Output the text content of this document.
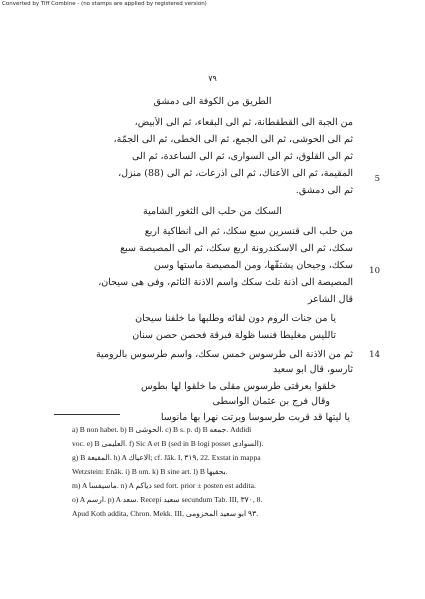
Converted by Tiff Combine - (no stamps are applied by registered version)
٧٩
الطريق من الكوفة الى دمشق
من الجبة الى القطقطانة، ثم الى البقعاء، ثم الى الأبيض،
ثم الى الحوشى، ثم الى الجمع، ثم الى الخطى، ثم الى الجمّة،
ثم الى القلوق، ثم الى السوارى، ثم الى الساعدة، ثم الى
المقيمة، ثم الى الأعناك، ثم الى أذرعات، ثم الى (88) منزل،
ثم الى دمشق.
5
السكك من حلب الى الثغور الشامية
من حلب الى قنسرين سبع سكك، ثم الى أنطاكية اربع
سكك، ثم الى الاسكندرونة اربع سكك، ثم الى المصيصة سبع
سكك، وجيحان يشتقّها، ومن المصيصة ماستها وسن
المصيصة الى أذنة تلث سكك واسم الاذنة الثاثم، وفى هى سيحان،
قال الشاعر
10
يا من جنات الروم دون لقائه وطلبها ما خلفنا سيحان
تاللّيس مغليطا فنسا ظولة فبرقة فحصن حصن سنان
ثم من الاذنة الى طرسوس خمس سكك، واسم طرسوس بالرومية	14
ثارسو، قال ابو سعيد
خلقوا بعرقتى طرسوس مقلى ما خلقوا لها بطوس
وقال فرج بن عثمان الواسطى
يا ليتها قد قربت طرسوسا وبرتت نهرا بها مأنوسا
a) B non habet. b) B الحوشى. c) B s. p. d) B جمعه. Addidi
voc. e) B العليمى. f) Sic A et B (sed in B logi posset السوادى).
g) B المقيعة. h) A الاعياك; cf. Jâk. I, ٣١٩, 22. Exstat in mappa
Wetzstein: Enâk. i) B om. k) B sine art. l) B بحقيها.
m) A ماسيفسا. n) A دياكم sed fort. prior ± posten est addita.
o) A ارسم. p) A سعد. Recepi سعيد secundum Tab. III, ٣٧٠, 8.
Apud Koth addita, Chron. Mekk. III, ٩٣ ابو سعيد المخزومى.
